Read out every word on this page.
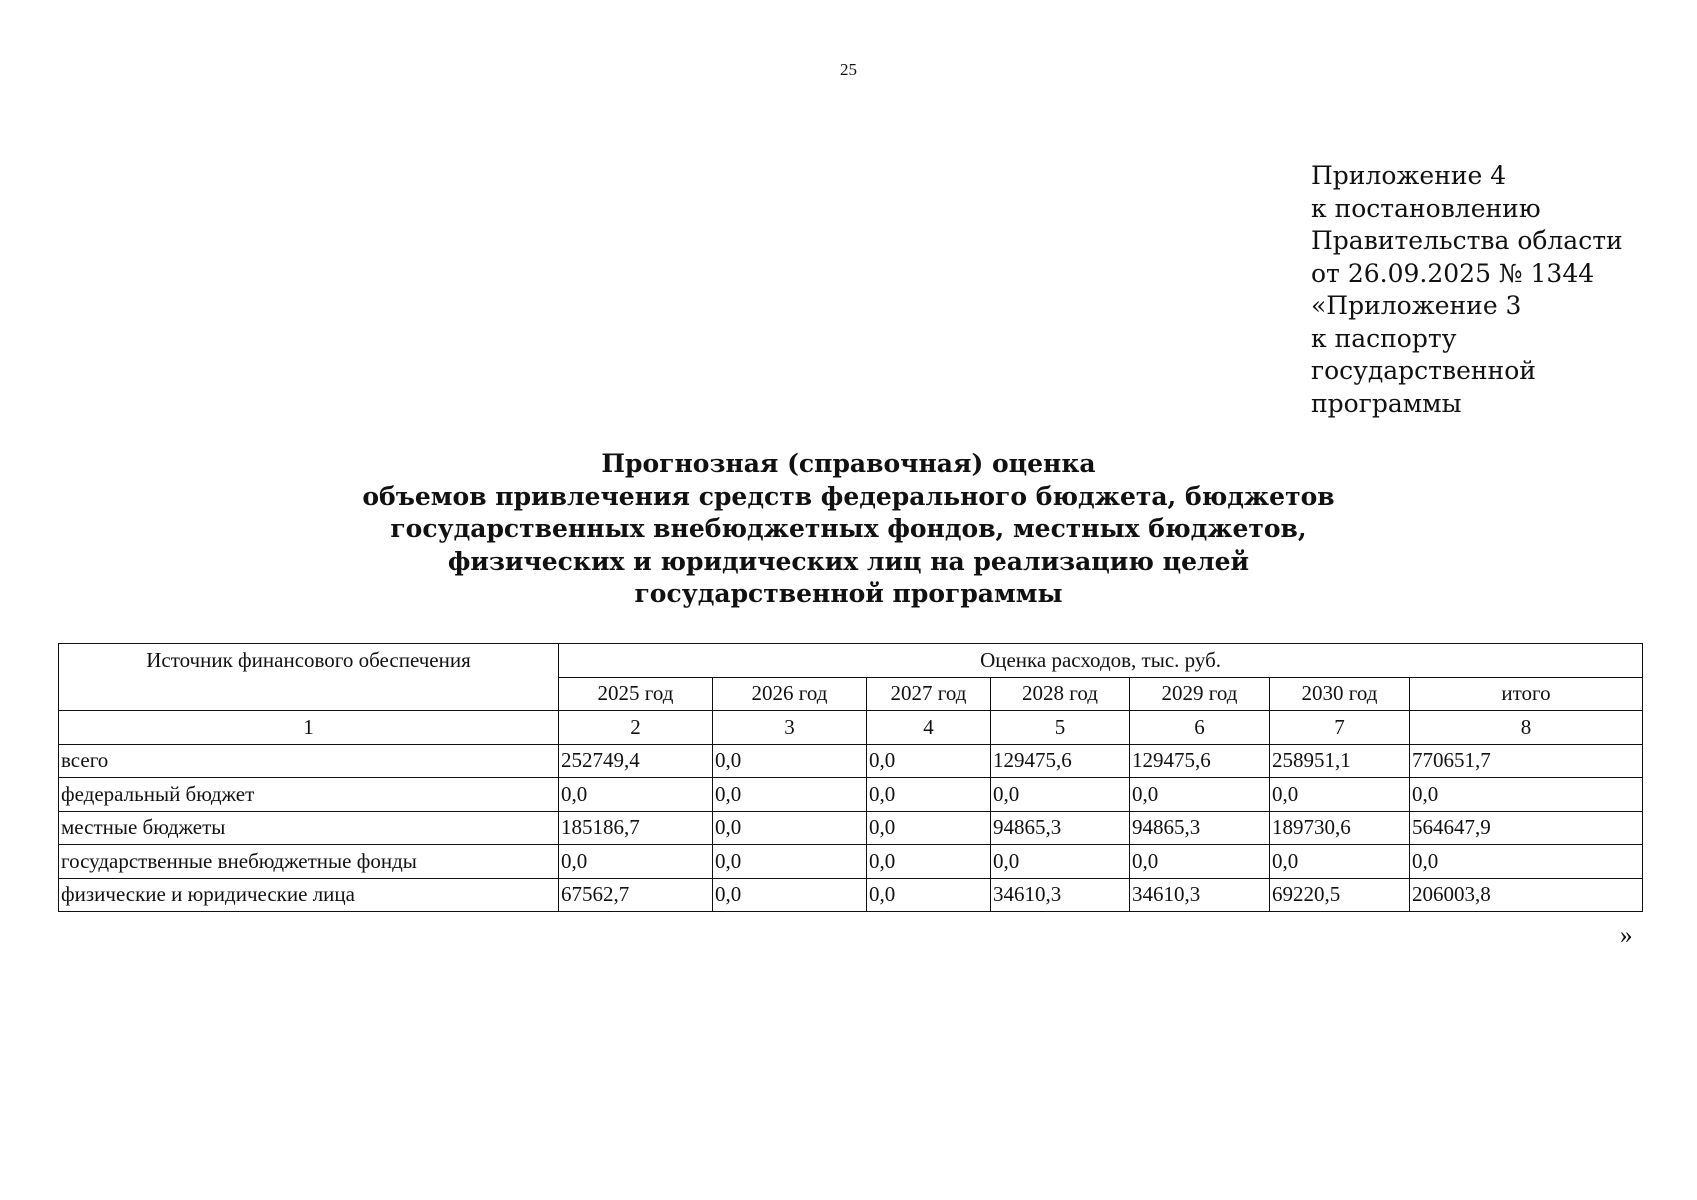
25
Приложение 4
к постановлению
Правительства области
от 26.09.2025 № 1344
«Приложение 3
к паспорту
государственной
программы
Прогнозная (справочная) оценка
объемов привлечения средств федерального бюджета, бюджетов
государственных внебюджетных фондов, местных бюджетов,
физических и юридических лиц на реализацию целей
государственной программы
Источник финансового обеспечения	Оценка расходов, тыс. руб.						
	2025 год	2026 год	2027 год	2028 год	2029 год	2030 год	итого
1	2	3	4	5	6	7	8
всего	252749,4	0,0	0,0	129475,6	129475,6	258951,1	770651,7
федеральный бюджет	0,0	0,0	0,0	0,0	0,0	0,0	0,0
местные бюджеты	185186,7	0,0	0,0	94865,3	94865,3	189730,6	564647,9
государственные внебюджетные фонды	0,0	0,0	0,0	0,0	0,0	0,0	0,0
физические и юридические лица	67562,7	0,0	0,0	34610,3	34610,3	69220,5	206003,8
»
